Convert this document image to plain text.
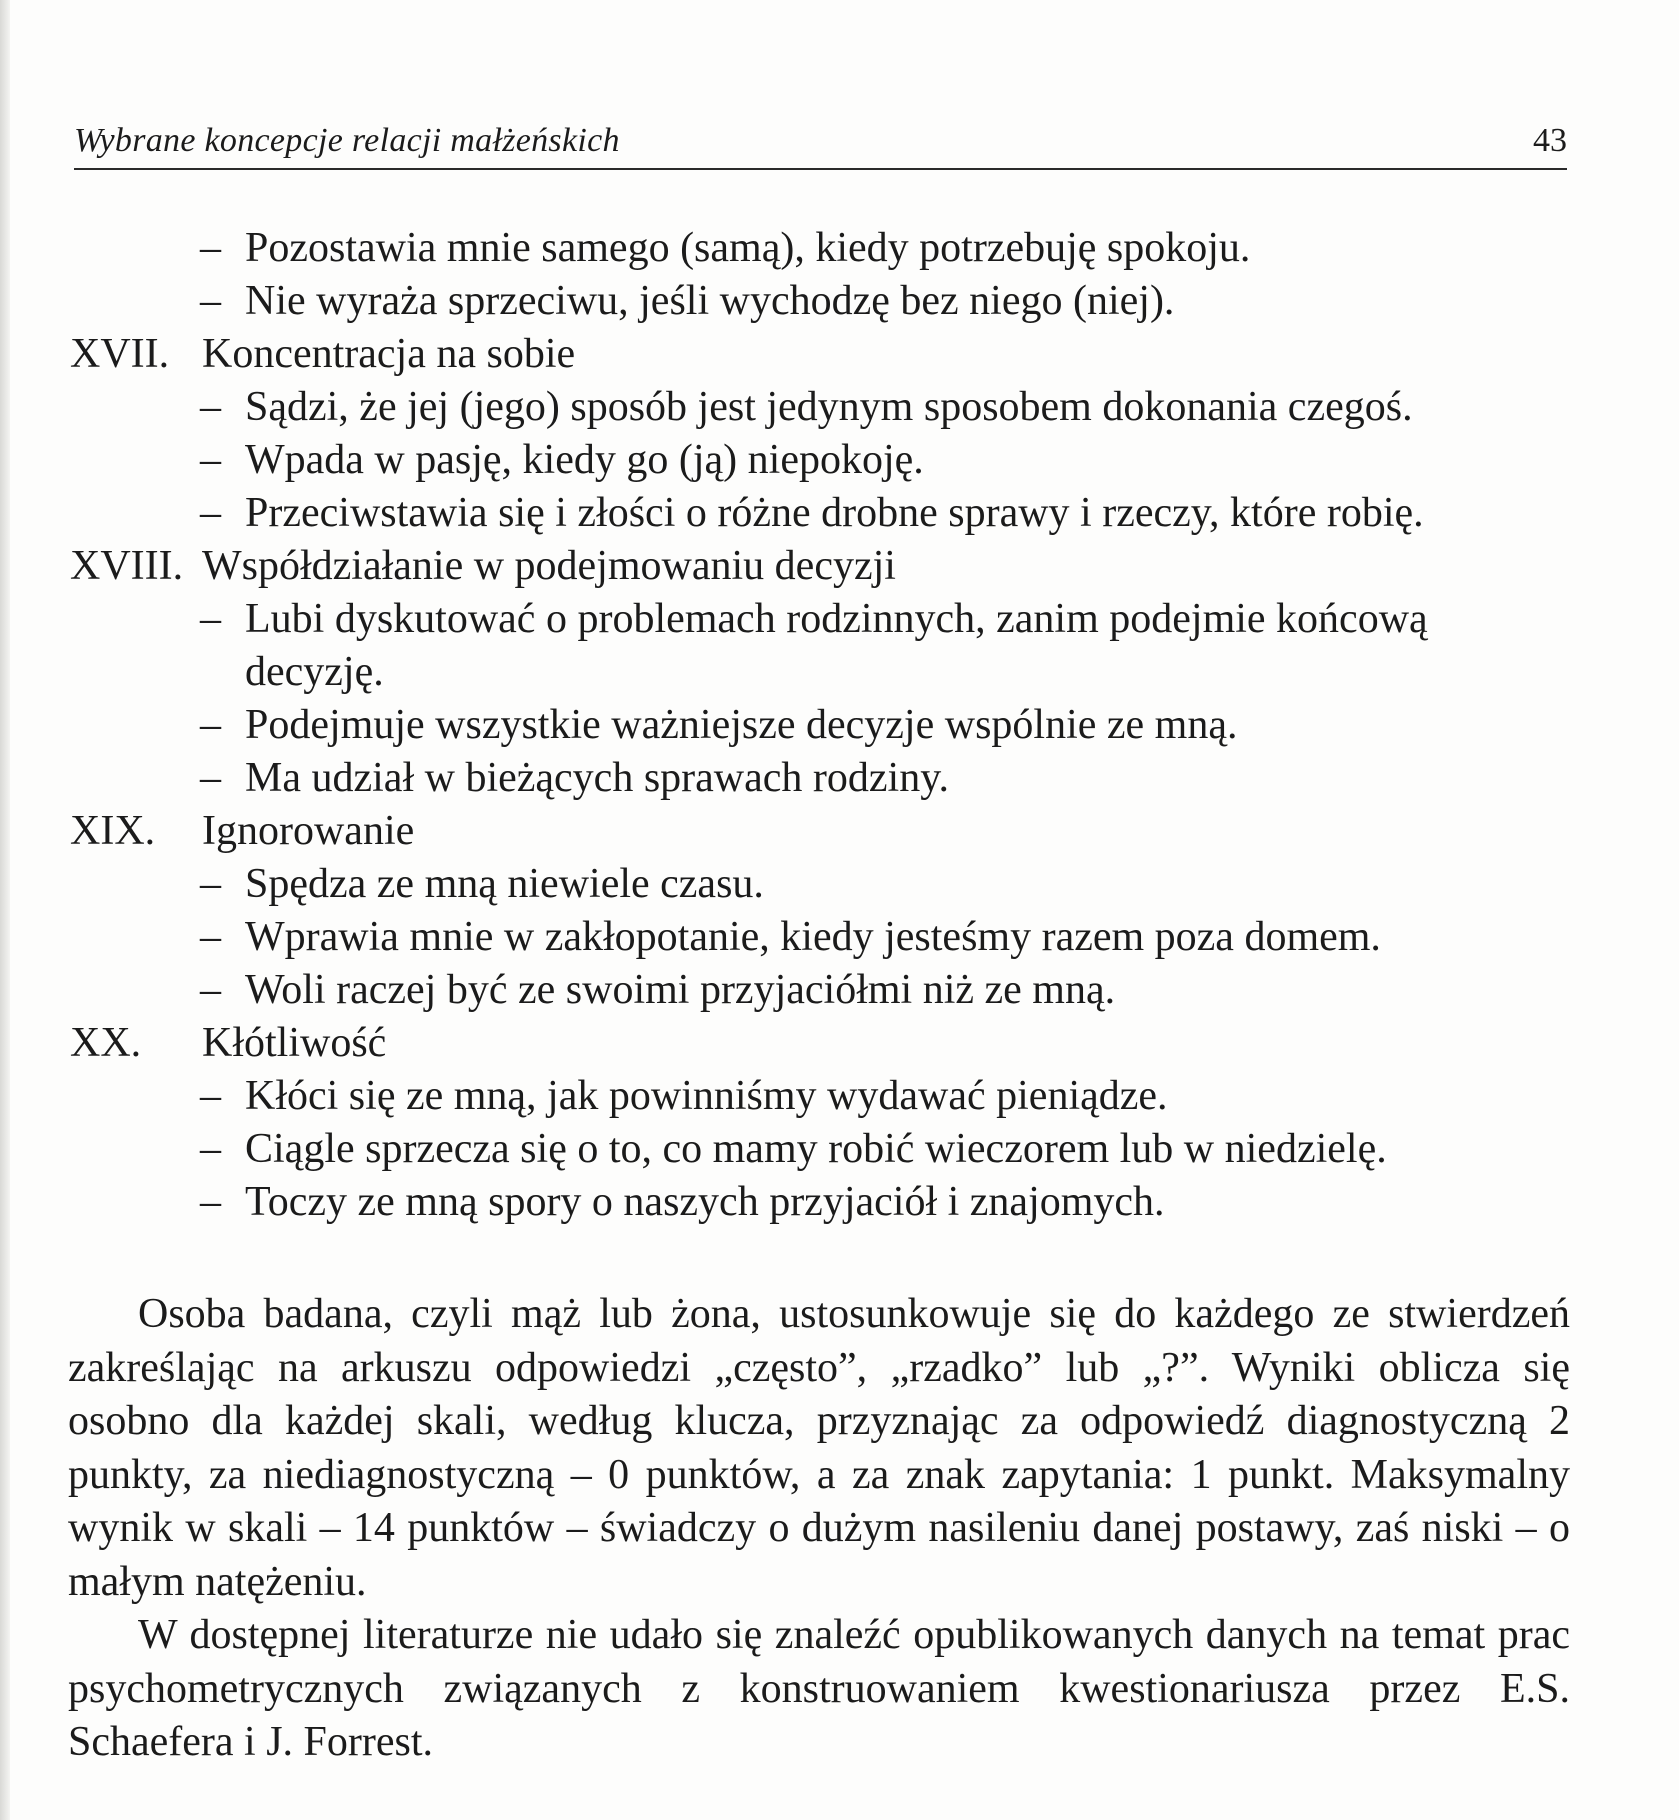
Wybrane koncepcje relacji małżeńskich	43
– Pozostawia mnie samego (samą), kiedy potrzebuję spokoju.
– Nie wyraża sprzeciwu, jeśli wychodzę bez niego (niej).
XVII. Koncentracja na sobie
– Sądzi, że jej (jego) sposób jest jedynym sposobem dokonania czegoś.
– Wpada w pasję, kiedy go (ją) niepokoję.
– Przeciwstawia się i złości o różne drobne sprawy i rzeczy, które robię.
XVIII. Współdziałanie w podejmowaniu decyzji
– Lubi dyskutować o problemach rodzinnych, zanim podejmie końcową decyzję.
– Podejmuje wszystkie ważniejsze decyzje wspólnie ze mną.
– Ma udział w bieżących sprawach rodziny.
XIX. Ignorowanie
– Spędza ze mną niewiele czasu.
– Wprawia mnie w zakłopotanie, kiedy jesteśmy razem poza domem.
– Woli raczej być ze swoimi przyjaciółmi niż ze mną.
XX. Kłótliwość
– Kłóci się ze mną, jak powinniśmy wydawać pieniądze.
– Ciągle sprzecza się o to, co mamy robić wieczorem lub w niedzielę.
– Toczy ze mną spory o naszych przyjaciół i znajomych.

Osoba badana, czyli mąż lub żona, ustosunkowuje się do każdego ze stwierdzeń zakreślając na arkuszu odpowiedzi „często”, „rzadko” lub „?”. Wyniki oblicza się osobno dla każdej skali, według klucza, przyznając za odpowiedź diagnostyczną 2 punkty, za niediagnostyczną – 0 punktów, a za znak zapytania: 1 punkt. Maksymalny wynik w skali – 14 punktów – świadczy o dużym nasileniu danej postawy, zaś niski – o małym natężeniu.

W dostępnej literaturze nie udało się znaleźć opublikowanych danych na temat prac psychometrycznych związanych z konstruowaniem kwestionariusza przez E.S. Schaefera i J. Forrest.
